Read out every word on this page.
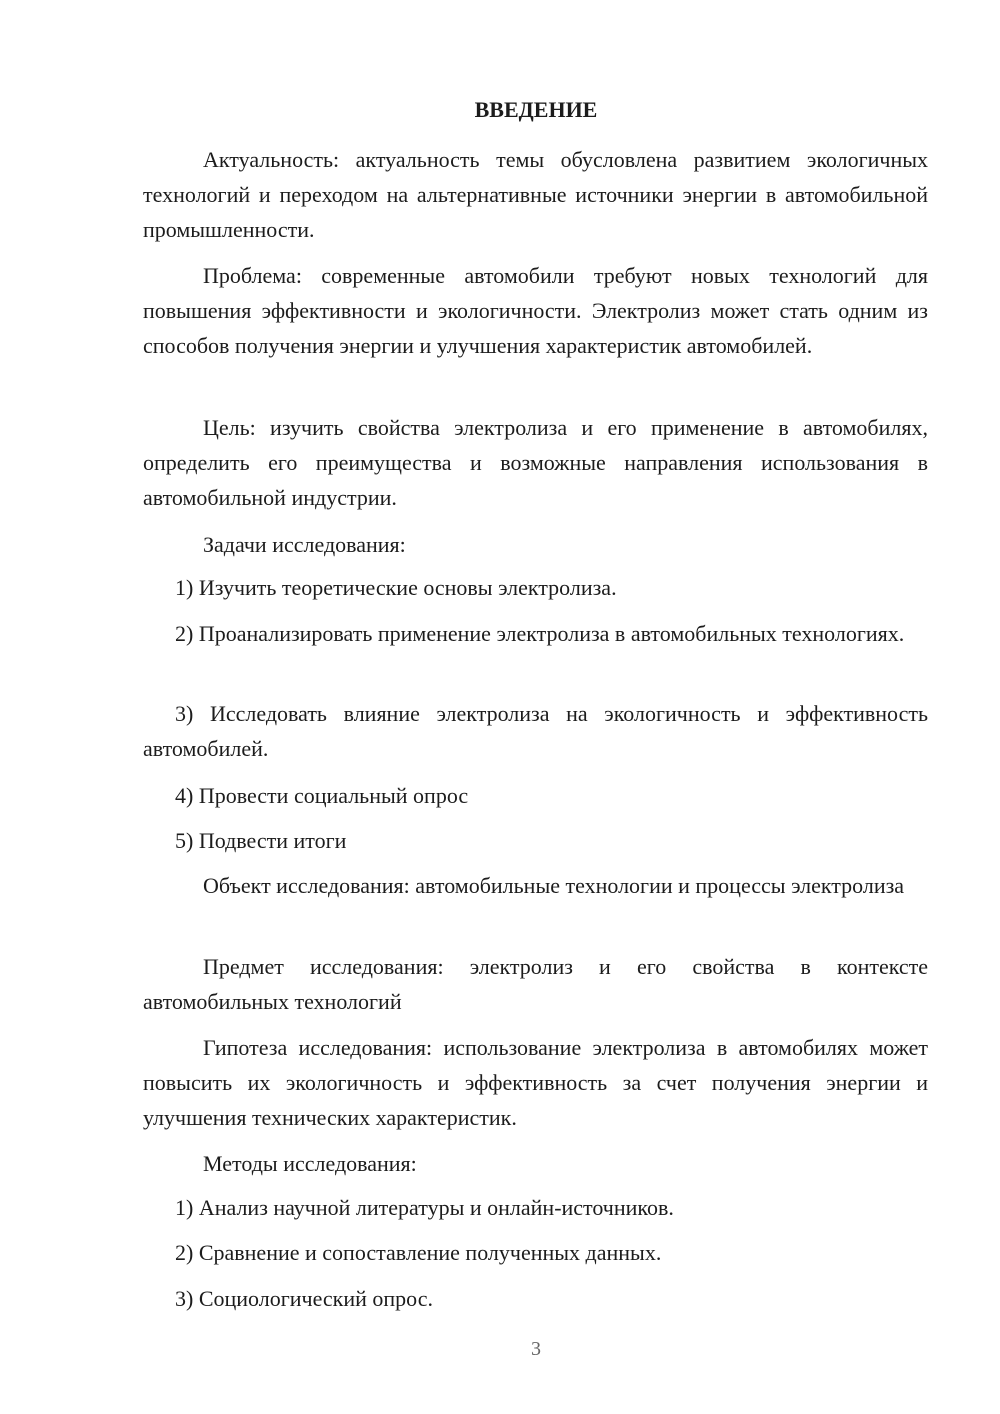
ВВЕДЕНИЕ
Актуальность: актуальность темы обусловлена развитием экологичных технологий и переходом на альтернативные источники энергии в автомобильной промышленности.
Проблема: современные автомобили требуют новых технологий для повышения эффективности и экологичности. Электролиз может стать одним из способов получения энергии и улучшения характеристик автомобилей.
Цель: изучить свойства электролиза и его применение в автомобилях, определить его преимущества и возможные направления использования в автомобильной индустрии.
Задачи исследования:
1) Изучить теоретические основы электролиза.
2) Проанализировать применение электролиза в автомобильных технологиях.
3) Исследовать влияние электролиза на экологичность и эффективность автомобилей.
4) Провести социальный опрос
5) Подвести итоги
Объект исследования: автомобильные технологии и процессы электролиза
Предмет исследования: электролиз и его свойства в контексте автомобильных технологий
Гипотеза исследования: использование электролиза в автомобилях может повысить их экологичность и эффективность за счет получения энергии и улучшения технических характеристик.
Методы исследования:
1) Анализ научной литературы и онлайн-источников.
2) Сравнение и сопоставление полученных данных.
3) Социологический опрос.
3
